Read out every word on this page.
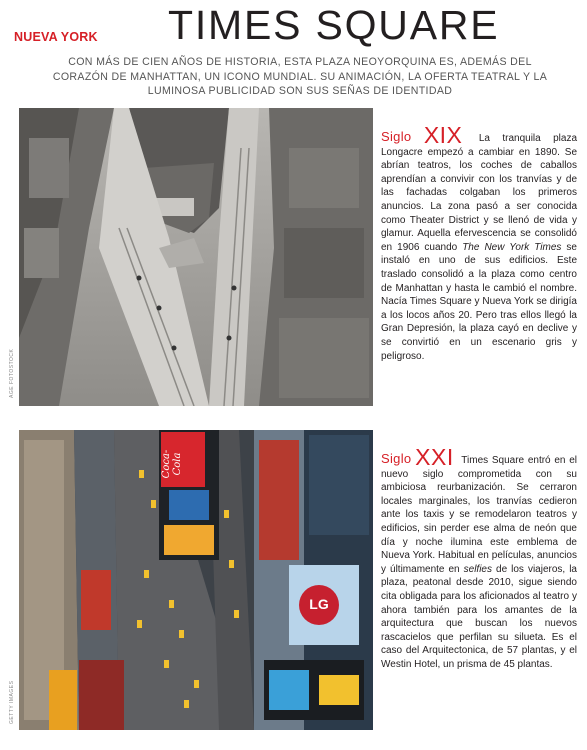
NUEVA YORK TIMES SQUARE
CON MÁS DE CIEN AÑOS DE HISTORIA, ESTA PLAZA NEOYORQUINA ES, ADEMÁS DEL CORAZÓN DE MANHATTAN, UN ICONO MUNDIAL. SU ANIMACIÓN, LA OFERTA TEATRAL Y LA LUMINOSA PUBLICIDAD SON SUS SEÑAS DE IDENTIDAD
AGE FOTOSTOCK
Coca-Cola
LG
GETTY IMAGES
Siglo XIX La tranquila plaza Longacre empezó a cambiar en 1890. Se abrían teatros, los coches de caballos aprendían a convivir con los tranvías y de las fachadas colgaban los primeros anuncios. La zona pasó a ser conocida como Theater District y se llenó de vida y glamur. Aquella efervescencia se consolidó en 1906 cuando The New York Times se instaló en uno de sus edificios. Este traslado consolidó a la plaza como centro de Manhattan y hasta le cambió el nombre. Nacía Times Square y Nueva York se dirigía a los locos años 20. Pero tras ellos llegó la Gran Depresión, la plaza cayó en declive y se convirtió en un escenario gris y peligroso.
Siglo XXI Times Square entró en el nuevo siglo comprometida con su ambiciosa reurbanización. Se cerraron locales marginales, los tranvías cedieron ante los taxis y se remodelaron teatros y edificios, sin perder ese alma de neón que día y noche ilumina este emblema de Nueva York. Habitual en películas, anuncios y últimamente en selfies de los viajeros, la plaza, peatonal desde 2010, sigue siendo cita obligada para los aficionados al teatro y ahora también para los amantes de la arquitectura que buscan los nuevos rascacielos que perfilan su silueta. Es el caso del Arquitectonica, de 57 plantas, y el Westin Hotel, un prisma de 45 plantas.
